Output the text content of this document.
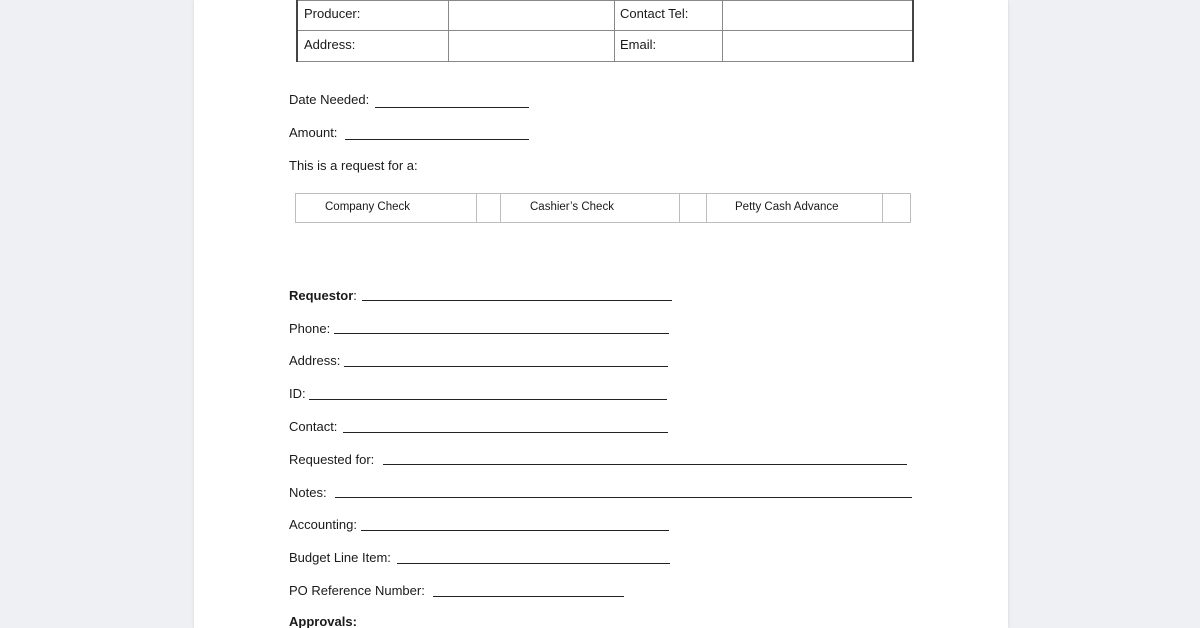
Producer:	Contact Tel:
Address:	Email:
Date Needed:
Amount:
This is a request for a:
Company Check	Cashier’s Check	Petty Cash Advance
Requestor:
Phone:
Address:
ID:
Contact:
Requested for:
Notes:
Accounting:
Budget Line Item:
PO Reference Number:
Approvals:
